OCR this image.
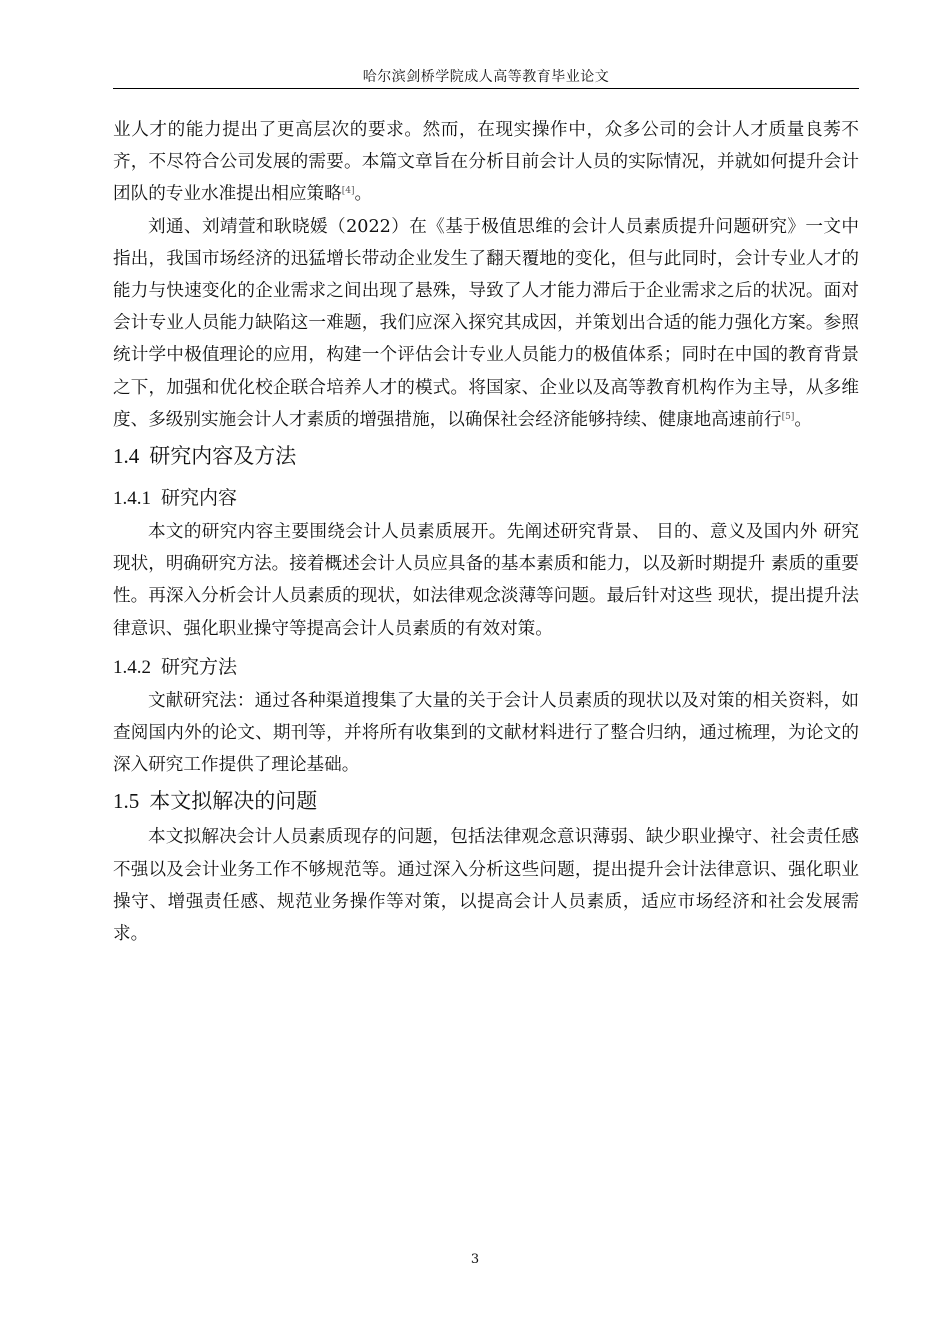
哈尔滨剑桥学院成人高等教育毕业论文

业人才的能力提出了更高层次的要求。然而，在现实操作中，众多公司的会计人才质量良莠不齐，不尽符合公司发展的需要。本篇文章旨在分析目前会计人员的实际情况，并就如何提升会计团队的专业水准提出相应策略[4]。

刘通、刘靖萱和耿晓媛（2022）在《基于极值思维的会计人员素质提升问题研究》一文中指出，我国市场经济的迅猛增长带动企业发生了翻天覆地的变化，但与此同时，会计专业人才的能力与快速变化的企业需求之间出现了悬殊，导致了人才能力滞后于企业需求之后的状况。面对会计专业人员能力缺陷这一难题，我们应深入探究其成因，并策划出合适的能力强化方案。参照统计学中极值理论的应用，构建一个评估会计专业人员能力的极值体系；同时在中国的教育背景之下，加强和优化校企联合培养人才的模式。将国家、企业以及高等教育机构作为主导，从多维度、多级别实施会计人才素质的增强措施，以确保社会经济能够持续、健康地高速前行[5]。

1.4 研究内容及方法
1.4.1 研究内容

本文的研究内容主要围绕会计人员素质展开。先阐述研究背景、 目的、意义及国内外 研究现状，明确研究方法。接着概述会计人员应具备的基本素质和能力，以及新时期提升 素质的重要性。再深入分析会计人员素质的现状，如法律观念淡薄等问题。最后针对这些 现状，提出提升法律意识、强化职业操守等提高会计人员素质的有效对策。

1.4.2 研究方法

文献研究法：通过各种渠道搜集了大量的关于会计人员素质的现状以及对策的相关资料，如查阅国内外的论文、期刊等，并将所有收集到的文献材料进行了整合归纳，通过梳理，为论文的深入研究工作提供了理论基础。

1.5 本文拟解决的问题

本文拟解决会计人员素质现存的问题，包括法律观念意识薄弱、缺少职业操守、社会责任感不强以及会计业务工作不够规范等。通过深入分析这些问题，提出提升会计法律意识、强化职业操守、增强责任感、规范业务操作等对策，以提高会计人员素质，适应市场经济和社会发展需求。

3
